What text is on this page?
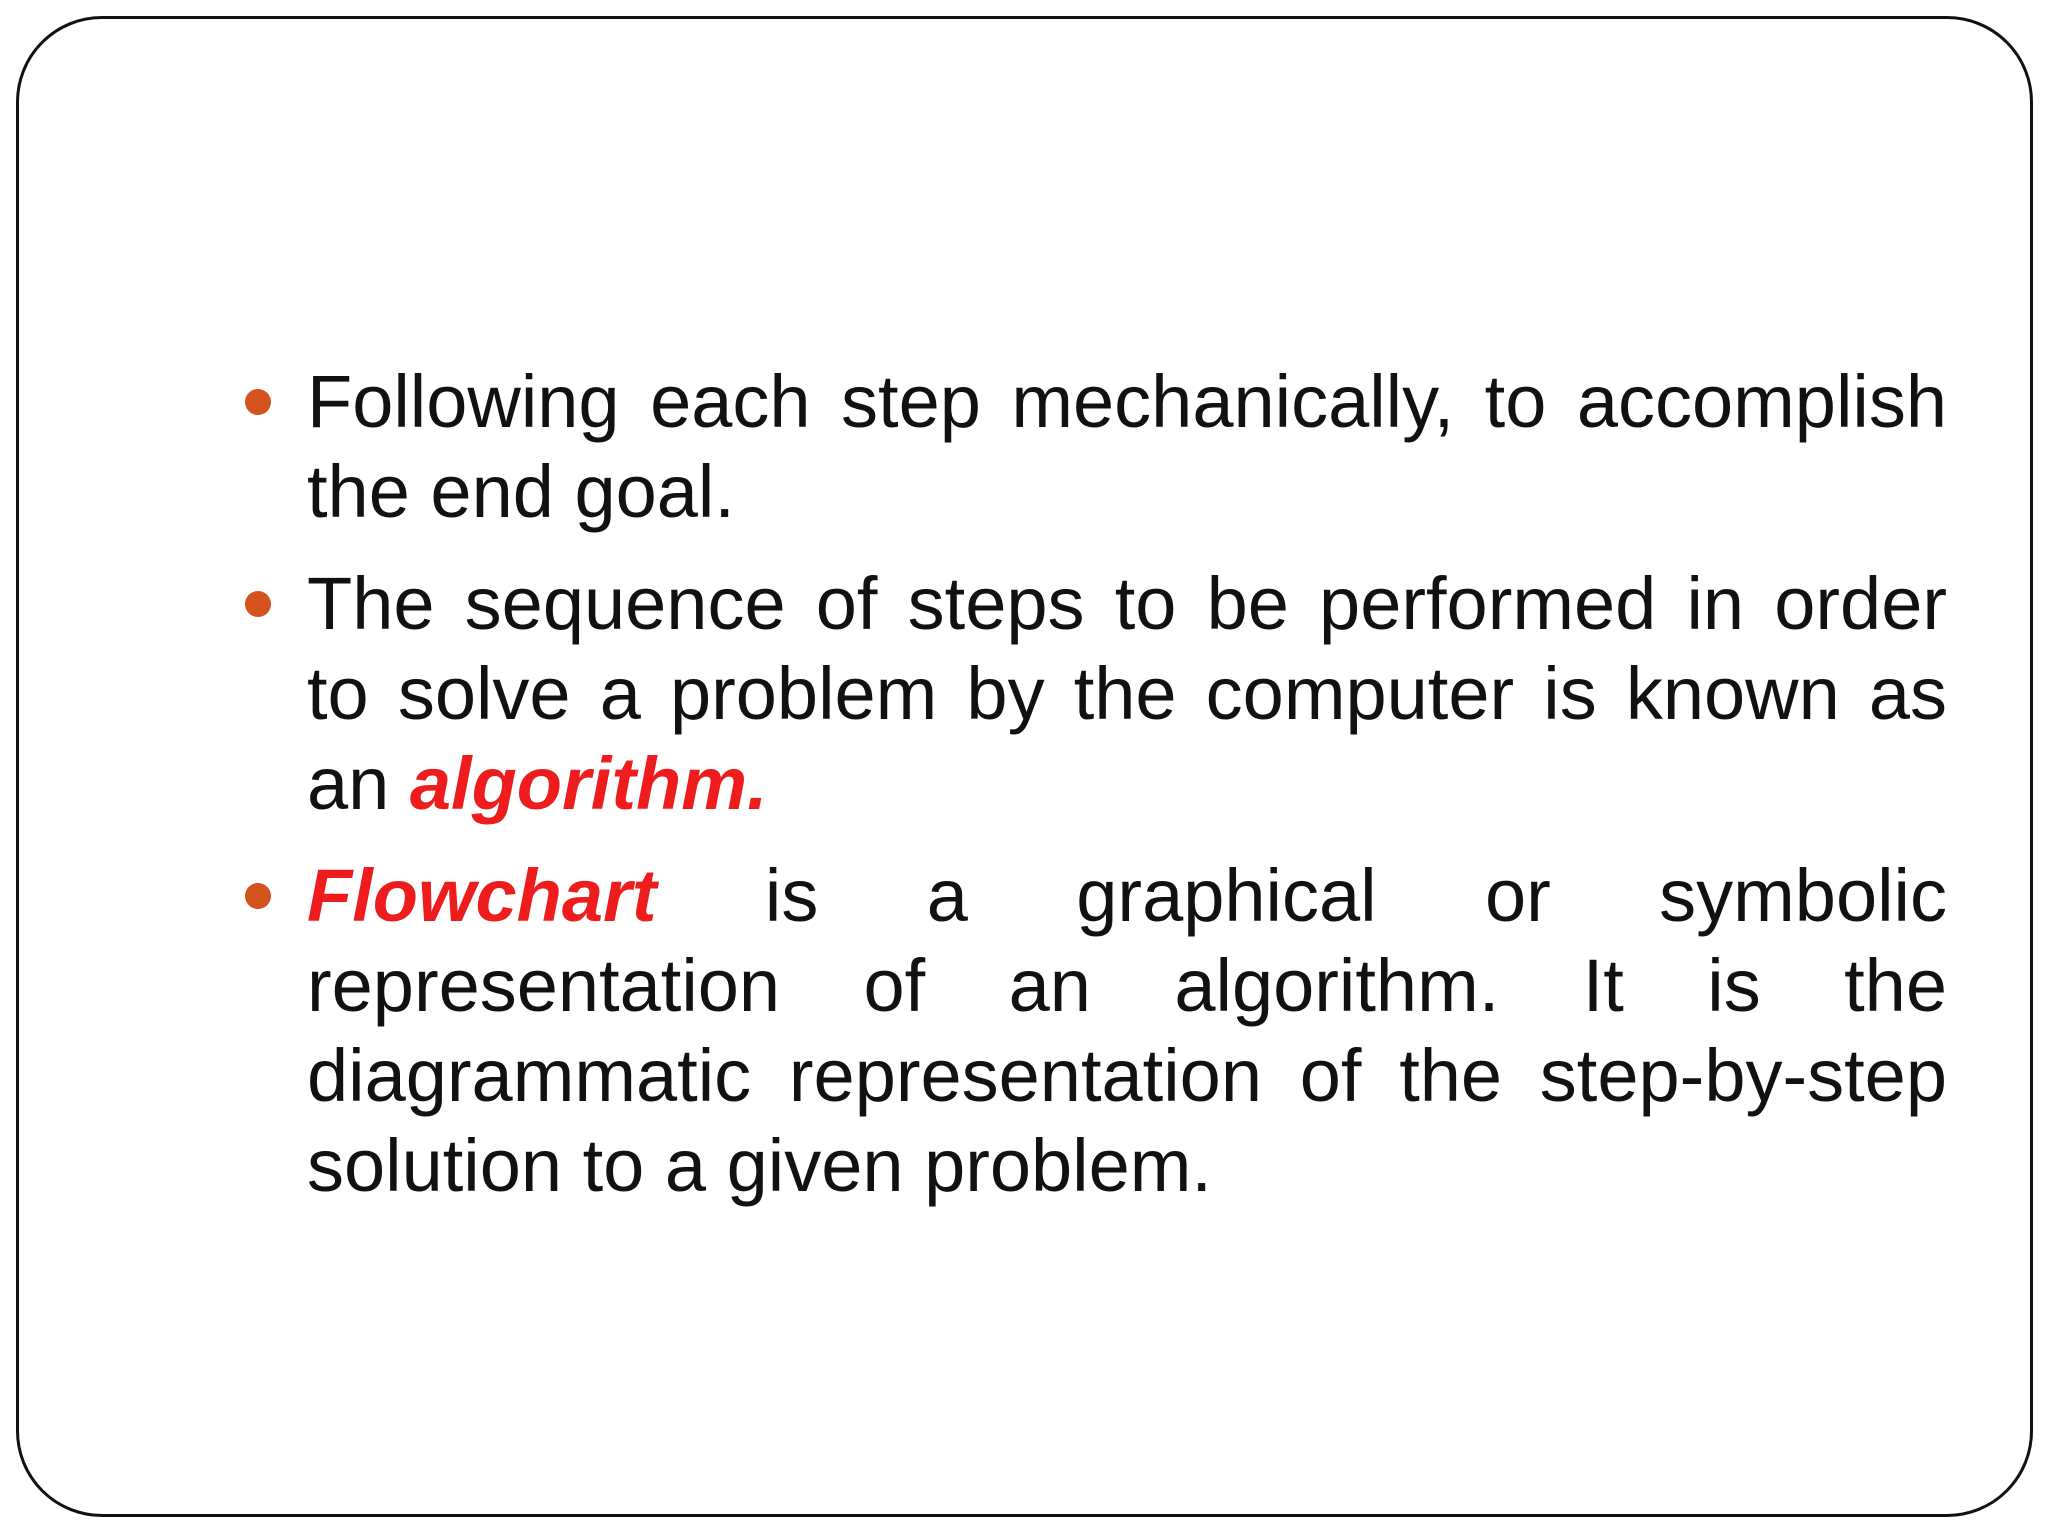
Following each step mechanically, to accomplish the end goal.

The sequence of steps to be performed in order to solve a problem by the computer is known as an algorithm.

Flowchart is a graphical or symbolic representation of an algorithm. It is the diagrammatic representation of the step-by-step solution to a given problem.
